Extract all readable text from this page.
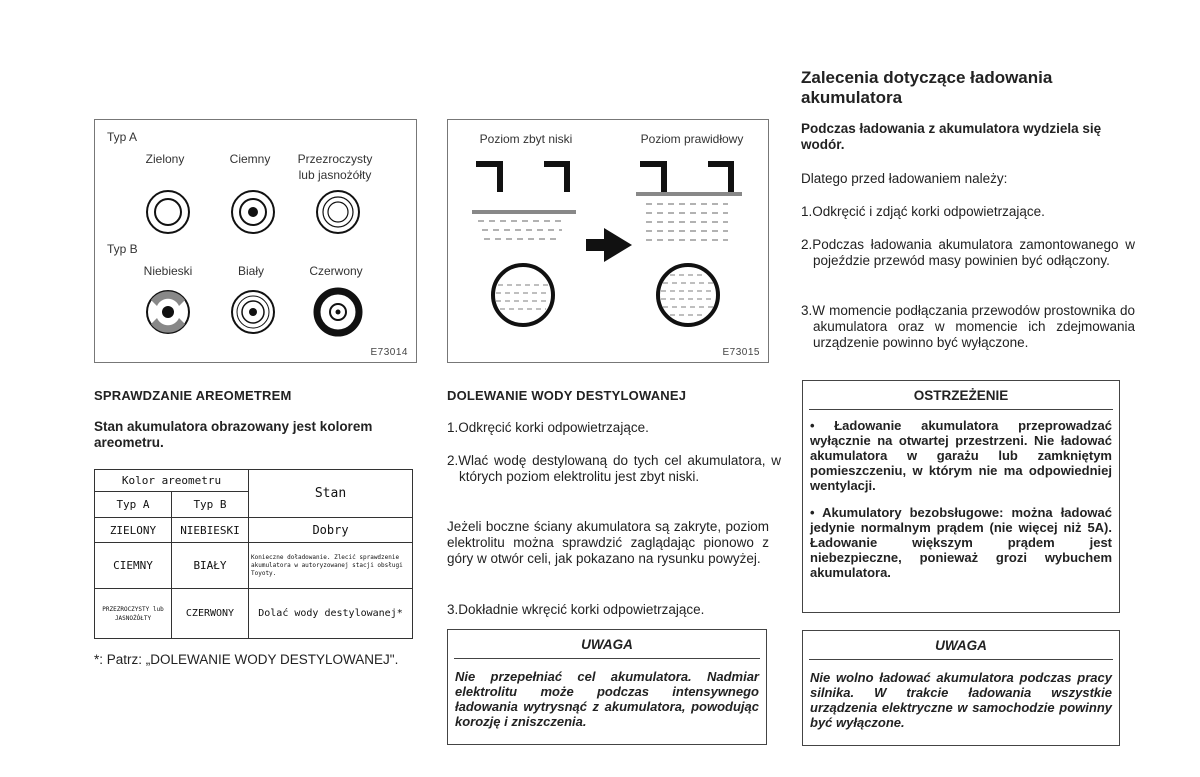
Typ A
Zielony	Ciemny	Przezroczysty
lub jasnożółty
Typ B
Niebieski	Biały	Czerwony
E73014
Poziom zbyt niski	Poziom prawidłowy
E73015
SPRAWDZANIE AREOMETREM
Stan akumulatora obrazowany jest kolorem areometru.
Kolor areometru		Stan
Typ A	Typ B	
ZIELONY	NIEBIESKI	Dobry
CIEMNY	BIAŁY	Konieczne doładowanie. Zlecić sprawdzenie akumulatora w autoryzowanej stacji obsługi Toyoty.
PRZEZROCZYSTY lub JASNOŻÓŁTY	CZERWONY	Dolać wody destylowanej*
*: Patrz: „DOLEWANIE WODY DESTYLOWANEJ".
DOLEWANIE WODY DESTYLOWANEJ
1.Odkręcić korki odpowietrzające.
2.Wlać wodę destylowaną do tych cel akumulatora, w których poziom elektrolitu jest zbyt niski.
Jeżeli boczne ściany akumulatora są zakryte, poziom elektrolitu można sprawdzić zaglądając pionowo z góry w otwór celi, jak pokazano na rysunku powyżej.
3.Dokładnie wkręcić korki odpowietrzające.
UWAGA
Nie przepełniać cel akumulatora. Nadmiar elektrolitu może podczas intensywnego ładowania wytrysnąć z akumulatora, powodując korozję i zniszczenia.
Zalecenia dotyczące ładowania akumulatora
Podczas ładowania z akumulatora wydziela się wodór.
Dlatego przed ładowaniem należy:
1.Odkręcić i zdjąć korki odpowietrzające.
2.Podczas ładowania akumulatora zamontowanego w pojeździe przewód masy powinien być odłączony.
3.W momencie podłączania przewodów prostownika do akumulatora oraz w momencie ich zdejmowania urządzenie powinno być wyłączone.
OSTRZEŻENIE
• Ładowanie akumulatora przeprowadzać wyłącznie na otwartej przestrzeni. Nie ładować akumulatora w garażu lub zamkniętym pomieszczeniu, w którym nie ma odpowiedniej wentylacji.
• Akumulatory bezobsługowe: można ładować jedynie normalnym prądem (nie więcej niż 5A). Ładowanie większym prądem jest niebezpieczne, ponieważ grozi wybuchem akumulatora.
UWAGA
Nie wolno ładować akumulatora podczas pracy silnika. W trakcie ładowania wszystkie urządzenia elektryczne w samochodzie powinny być wyłączone.
